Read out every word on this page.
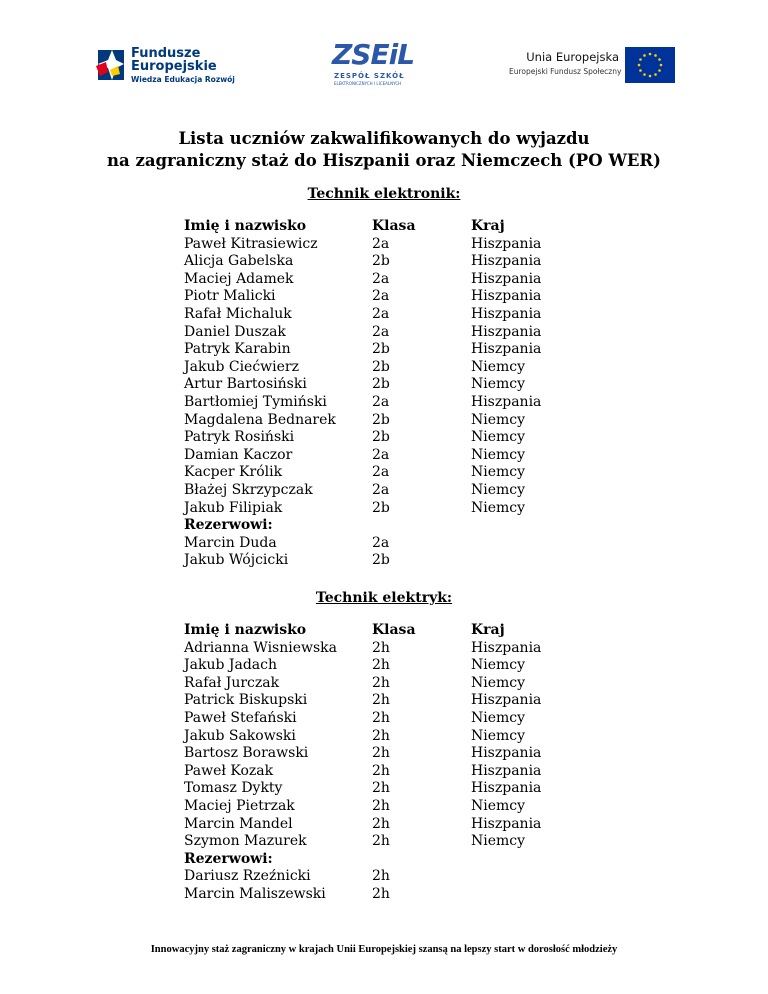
Fundusze
Europejskie
Wiedza Edukacja Rozwój
ZSEiL
ZESPÓŁ SZKÓŁ
ELEKTRONICZNYCH I LICEALNYCH
Unia Europejska
Europejski Fundusz Społeczny
Lista uczniów zakwalifikowanych do wyjazdu
na zagraniczny staż do Hiszpanii oraz Niemczech (PO WER)
Technik elektronik:
Imię i nazwisko	Klasa	Kraj
Paweł Kitrasiewicz	2a	Hiszpania
Alicja Gabelska	2b	Hiszpania
Maciej Adamek	2a	Hiszpania
Piotr Malicki	2a	Hiszpania
Rafał Michaluk	2a	Hiszpania
Daniel Duszak	2a	Hiszpania
Patryk Karabin	2b	Hiszpania
Jakub Ciećwierz	2b	Niemcy
Artur Bartosiński	2b	Niemcy
Bartłomiej Tymiński	2a	Hiszpania
Magdalena Bednarek	2b	Niemcy
Patryk Rosiński	2b	Niemcy
Damian Kaczor	2a	Niemcy
Kacper Królik	2a	Niemcy
Błażej Skrzypczak	2a	Niemcy
Jakub Filipiak	2b	Niemcy
Rezerwowi:
Marcin Duda	2a
Jakub Wójcicki	2b
Technik elektryk:
Imię i nazwisko	Klasa	Kraj
Adrianna Wisniewska 2h	Hiszpania
Jakub Jadach	2h	Niemcy
Rafał Jurczak	2h	Niemcy
Patrick Biskupski	2h	Hiszpania
Paweł Stefański	2h	Niemcy
Jakub Sakowski	2h	Niemcy
Bartosz Borawski	2h	Hiszpania
Paweł Kozak	2h	Hiszpania
Tomasz Dykty	2h	Hiszpania
Maciej Pietrzak	2h	Niemcy
Marcin Mandel	2h	Hiszpania
Szymon Mazurek	2h	Niemcy
Rezerwowi:
Dariusz Rzeźnicki	2h
Marcin Maliszewski	2h
Innowacyjny staż zagraniczny w krajach Unii Europejskiej szansą na lepszy start w dorosłość młodzieży
